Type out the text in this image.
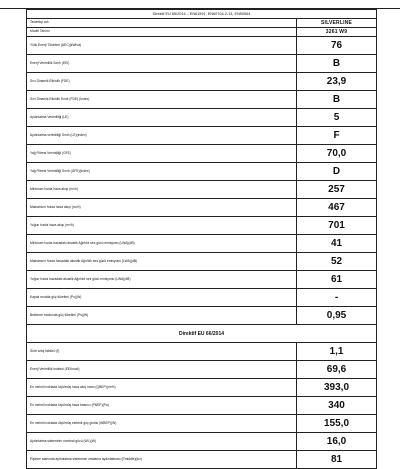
Direktif EU 65/2014 – EN61591, EN60704-2-13, EN50564	
Tedarikçi adı	SILVERLINE
Model Tanımı	3261 W9
Yıllık Enerji Tüketimi (AEC)(kWh/a)	76
Enerji Verimlilik Sınıfı (EEI)	B
Sıvı Dinamik Etkinlik (FDE)	23,9
Sıvı Dinamik Etkinlik Sınıfı (FDE) (Index)	B
Aydınlatma Verimliliği (LE)	5
Aydınlatma verimliliği Sınıfı (LE)(index)	F
Yağ Filtresi Verimliliği (GFE)	70,0
Yağ Filtresi Verimliliği Sınıfı (GFE)(index)	D
Minimum hızda hava akışı (m³/h)	257
Maksimum hızda hava akışı (m³/h)	467
Yoğun hızda hava akışı (m³/h)	701
Minimum hızda havadaki akustik Ağırlıklı ses gücü emisyonu (LWA)(dB)	41
Maksimum hızda havadaki akustik Ağırlıklı ses gücü emisyonu (LWA)(dB)	52
Yoğun hızda havadaki akustik Ağırlıklı ses gücü emisyonu (LWA)(dB)	61
Kapalı modda güç tüketimi (Po)(W)	-
Bekleme modunda güç tüketimi (Ps)(W)	0,95
Direktif EU 66/2014	
Süre artış faktörü (f)	1,1
Enerji Verimlilik Indeksi (EEIhood)	69,6
En verimli noktada ölçülmüş hava akış oranı (QBEP)(m³/h)	393,0
En verimli noktada ölçülmüş hava basıncı (PBEP)(Pa)	340
En verimli noktada ölçülmüş elektrik güç girdisi (WBEP)(W)	155,0
Aydınlatma sisteminin nominal gücü (WL)(W)	16,0
Pişirme alanında aydınlatma sisteminin ortalama aydınlatması (Emiddle)(lux)	81
